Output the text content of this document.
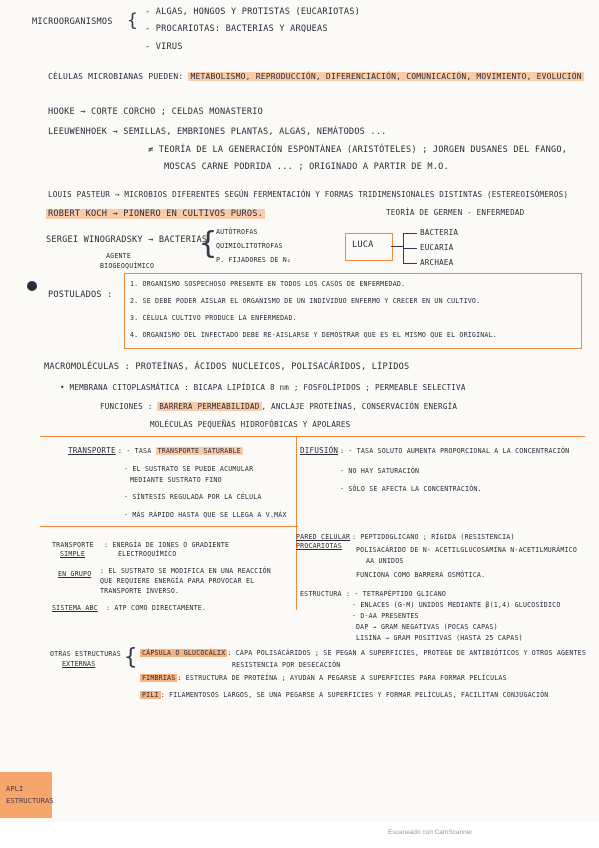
MICROORGANISMOS { - ALGAS, HONGOS Y PROTISTAS (EUCARIOTAS)
- PROCARIOTAS: BACTERIAS Y ARQUEAS
- VIRUS
CÉLULAS MICROBIANAS PUEDEN: METABOLISMO, REPRODUCCIÓN, DIFERENCIACIÓN, COMUNICACIÓN, MOVIMIENTO, EVOLUCIÓN
HOOKE → CORTE CORCHO ; CELDAS MONASTERIO
LEEUWENHOEK → SEMILLAS, EMBRIONES PLANTAS, ALGAS, NEMÁTODOS ...
≠ TEORÍA DE LA GENERACIÓN ESPONTÁNEA (ARISTÓTELES) ; JORGEN DUSANES DEL FANGO,
MOSCAS CARNE PODRIDA ... ; ORIGINADO A PARTIR DE M.O.
LOUIS PASTEUR → MICROBIOS DIFERENTES SEGÚN FERMENTACIÓN Y FORMAS TRIDIMENSIONALES DISTINTAS (ESTEREOISÓMEROS)
ROBERT KOCH → PIONERO EN CULTIVOS PUROS.	TEORÍA DE GERMEN - ENFERMEDAD
SERGEI WINOGRADSKY → BACTERIAS
AGENTE
BIOGEOQUÍMICO
{
AUTÓTROFAS
QUIMIOLITOTROFAS
P. FIJADORES DE N₂
LUCA
BACTERIA
EUCARIA
ARCHAEA
POSTULADOS :
1. ORGANISMO SOSPECHOSO PRESENTE EN TODOS LOS CASOS DE ENFERMEDAD.
2. SE DEBE PODER AISLAR EL ORGANISMO DE UN INDIVIDUO ENFERMO Y CRECER EN UN CULTIVO.
3. CÉLULA CULTIVO PRODUCE LA ENFERMEDAD.
4. ORGANISMO DEL INFECTADO DEBE RE-AISLARSE Y DEMOSTRAR QUE ES EL MISMO QUE EL ORIGINAL.
MACROMOLÉCULAS : PROTEÍNAS, ÁCIDOS NUCLEICOS, POLISACÁRIDOS, LÍPIDOS
• MEMBRANA CITOPLASMÁTICA : BICAPA LIPÍDICA 8 nm ; FOSFOLÍPIDOS ; PERMEABLE SELECTIVA
FUNCIONES : BARRERA PERMEABILIDAD , ANCLAJE PROTEÍNAS, CONSERVACIÓN ENERGÍA
MOLÉCULAS PEQUEÑAS HIDROFÓBICAS Y APOLARES
TRANSPORTE : - TASA TRANSPORTE SATURABLE
- EL SUSTRATO SE PUEDE ACUMULAR
MEDIANTE SUSTRATO FINO
- SÍNTESIS REGULADA POR LA CÉLULA
- MÁS RÁPIDO HASTA QUE SE LLEGA A V.MÁX
DIFUSIÓN : - TASA SOLUTO AUMENTA PROPORCIONAL A LA CONCENTRACIÓN
- NO HAY SATURACIÓN
- SÓLO SE AFECTA LA CONCENTRACIÓN.
TRANSPORTE
SIMPLE
: ENERGÍA DE IONES O GRADIENTE
ELECTROQUÍMICO
EN GRUPO : EL SUSTRATO SE MODIFICA EN UNA REACCIÓN
QUE REQUIERE ENERGÍA PARA PROVOCAR EL
TRANSPORTE INVERSO.
SISTEMA ABC : ATP COMO DIRECTAMENTE.
PARED CELULAR
PROCARIOTAS
: PEPTIDOGLICANO ; RÍGIDA (RESISTENCIA)
POLISACÁRIDO DE N- ACETILGLUCOSAMINA N-ACETILMURÁMICO
AA UNIDOS
FUNCIONA COMO BARRERA OSMÓTICA.
ESTRUCTURA : - TETRAPÉPTIDO GLICANO
- ENLACES (G-M) UNIDOS MEDIANTE β(1,4) GLUCOSÍDICO
- D-AA PRESENTES
DAP → GRAM NEGATIVAS (POCAS CAPAS)
LISINA → GRAM POSITIVAS (HASTA 25 CAPAS)
OTRAS ESTRUCTURAS
EXTERNAS { CÁPSULA O GLUCOCÁLIX : CAPA POLISACÁRIDOS ; SE PEGAN A SUPERFICIES, PROTEGE DE ANTIBIÓTICOS Y OTROS AGENTES
RESISTENCIA POR DESECACIÓN
FIMBRIAS : ESTRUCTURA DE PROTEÍNA ; AYUDAN A PEGARSE A SUPERFICIES PARA FORMAR PELÍCULAS
PILI : FILAMENTOSOS LARGOS, SE UNA PEGARSE A SUPERFICIES Y FORMAR PELÍCULAS, FACILITAN CONJUGACIÓN
APLI
ESTRUCTURAS
Escaneado con CamScanner
